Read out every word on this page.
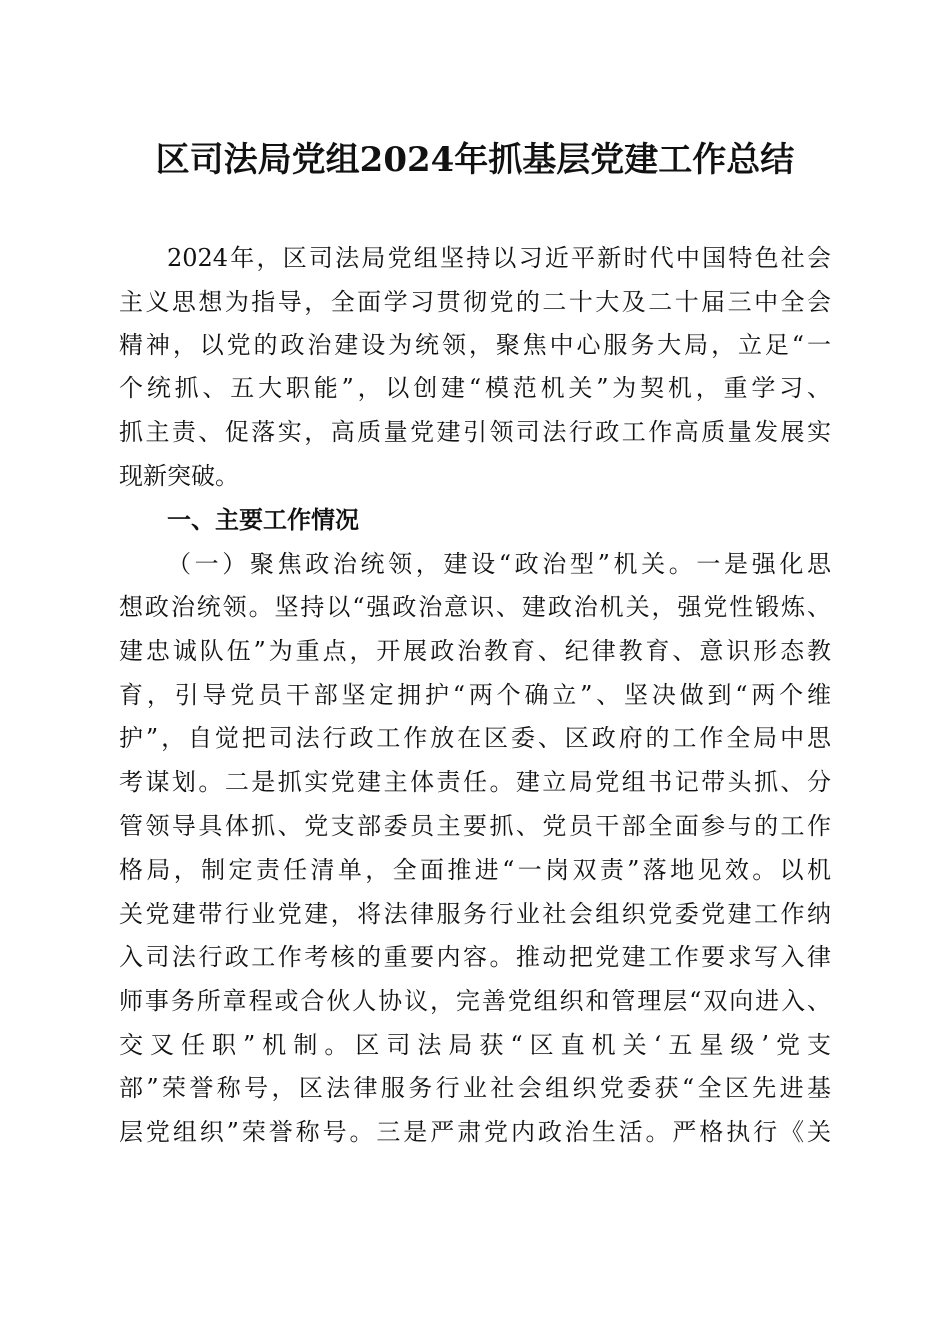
区司法局党组2024年抓基层党建工作总结

2024年，区司法局党组坚持以习近平新时代中国特色社会

主义思想为指导，全面学习贯彻党的二十大及二十届三中全会

精神，以党的政治建设为统领，聚焦中心服务大局，立足“一

个统抓、五大职能”，以创建“模范机关”为契机，重学习、

抓主责、促落实，高质量党建引领司法行政工作高质量发展实

现新突破。

一、主要工作情况

（一）聚焦政治统领，建设“政治型”机关。一是强化思

想政治统领。坚持以“强政治意识、建政治机关，强党性锻炼、

建忠诚队伍”为重点，开展政治教育、纪律教育、意识形态教

育，引导党员干部坚定拥护“两个确立”、坚决做到“两个维

护”，自觉把司法行政工作放在区委、区政府的工作全局中思

考谋划。二是抓实党建主体责任。建立局党组书记带头抓、分

管领导具体抓、党支部委员主要抓、党员干部全面参与的工作

格局，制定责任清单，全面推进“一岗双责”落地见效。以机

关党建带行业党建，将法律服务行业社会组织党委党建工作纳

入司法行政工作考核的重要内容。推动把党建工作要求写入律

师事务所章程或合伙人协议，完善党组织和管理层“双向进入、

交叉任职”机制。区司法局获“区直机关‘五星级’党支

部”荣誉称号，区法律服务行业社会组织党委获“全区先进基

层党组织”荣誉称号。三是严肃党内政治生活。严格执行《关
